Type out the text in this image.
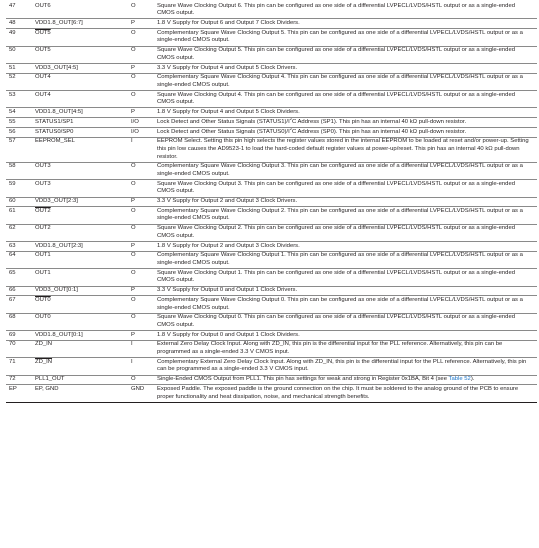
47	OUT6	O	Square Wave Clocking Output 6. This pin can be configured as one side of a differential LVPECL/LVDS/HSTL output or as a single-ended CMOS output.
48	VDD1.8_OUT[6:7]	P	1.8 V Supply for Output 6 and Output 7 Clock Dividers.
49	OUT5	O	Complementary Square Wave Clocking Output 5. This pin can be configured as one side of a differential LVPECL/LVDS/HSTL output or as a single-ended CMOS output.
50	OUT5	O	Square Wave Clocking Output 5. This pin can be configured as one side of a differential LVPECL/LVDS/HSTL output or as a single-ended CMOS output.
51	VDD3_OUT[4:5]	P	3.3 V Supply for Output 4 and Output 5 Clock Drivers.
52	OUT4	O	Complementary Square Wave Clocking Output 4. This pin can be configured as one side of a differential LVPECL/LVDS/HSTL output or as a single-ended CMOS output.
53	OUT4	O	Square Wave Clocking Output 4. This pin can be configured as one side of a differential LVPECL/LVDS/HSTL output or as a single-ended CMOS output.
54	VDD1.8_OUT[4:5]	P	1.8 V Supply for Output 4 and Output 5 Clock Dividers.
55	STATUS1/SP1	I/O	Lock Detect and Other Status Signals $(STATUS1)/I^2C$ Address (SP1). This pin has an internal 40 kΩ pull-down resistor.
56	STATUS0/SP0	I/O	Lock Detect and Other Status Signals $(STATUS0)/I^2C$ Address (SP0). This pin has an internal 40 kΩ pull-down resistor.
57	EEPROM_SEL	I	EEPROM Select. Setting this pin high selects the register values stored in the internal EEPROM to be loaded at reset and/or power-up. Setting this pin low causes the AD9523-1 to load the hard-coded default register values at power-up/reset. This pin has an internal 40 kΩ pull-down resistor.
58	OUT3	O	Complementary Square Wave Clocking Output 3. This pin can be configured as one side of a differential LVPECL/LVDS/HSTL output or as a single-ended CMOS output.
59	OUT3	O	Square Wave Clocking Output 3. This pin can be configured as one side of a differential LVPECL/LVDS/HSTL output or as a single-ended CMOS output.
60	VDD3_OUT[2:3]	P	3.3 V Supply for Output 2 and Output 3 Clock Drivers.
61	OUT2	O	Complementary Square Wave Clocking Output 2. This pin can be configured as one side of a differential LVPECL/LVDS/HSTL output or as a single-ended CMOS output.
62	OUT2	O	Square Wave Clocking Output 2. This pin can be configured as one side of a differential LVPECL/LVDS/HSTL output or as a single-ended CMOS output.
63	VDD1.8_OUT[2:3]	P	1.8 V Supply for Output 2 and Output 3 Clock Dividers.
64	OUT1	O	Complementary Square Wave Clocking Output 1. This pin can be configured as one side of a differential LVPECL/LVDS/HSTL output or as a single-ended CMOS output.
65	OUT1	O	Square Wave Clocking Output 1. This pin can be configured as one side of a differential LVPECL/LVDS/HSTL output or as a single-ended CMOS output.
66	VDD3_OUT[0:1]	P	3.3 V Supply for Output 0 and Output 1 Clock Drivers.
67	OUT0	O	Complementary Square Wave Clocking Output 0. This pin can be configured as one side of a differential LVPECL/LVDS/HSTL output or as a single-ended CMOS output.
68	OUT0	O	Square Wave Clocking Output 0. This pin can be configured as one side of a differential LVPECL/LVDS/HSTL output or as a single-ended CMOS output.
69	VDD1.8_OUT[0:1]	P	1.8 V Supply for Output 0 and Output 1 Clock Dividers.
70	ZD_IN	I	External Zero Delay Clock Input. Along with ZD_IN, this pin is the differential input for the PLL reference. Alternatively, this pin can be programmed as a single-ended 3.3 V CMOS input.
71	ZD_IN	I	Complementary External Zero Delay Clock Input. Along with ZD_IN, this pin is the differential input for the PLL reference. Alternatively, this pin can be programmed as a single-ended 3.3 V CMOS input.
72	PLL1_OUT	O	Single-Ended CMOS Output from PLL1. This pin has settings for weak and strong in Register 0x1BA, Bit 4 (see Table 52).
EP	EP, GND	GND	Exposed Paddle. The exposed paddle is the ground connection on the chip. It must be soldered to the analog ground of the PCB to ensure proper functionality and heat dissipation, noise, and mechanical strength benefits.
